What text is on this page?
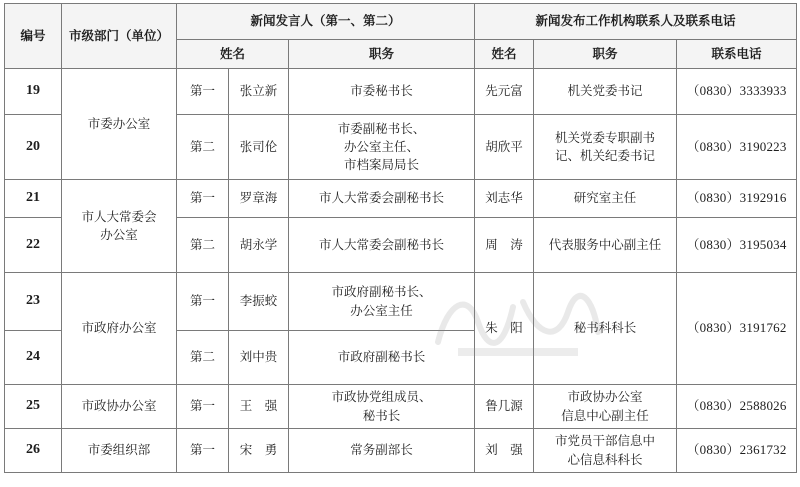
编号	市级部门（单位）	新闻发言人（第一、第二）			新闻发布工作机构联系人及联系电话		
		姓名		职务	姓名	职务	联系电话
19	市委办公室	第一	张立新	市委秘书长	先元富	机关党委书记	（0830）3333933
20		第二	张司伦	市委副秘书长、
办公室主任、
市档案局局长	胡欣平	机关党委专职副书
记、机关纪委书记	（0830）3190223
21	市人大常委会
办公室	第一	罗章海	市人大常委会副秘书长	刘志华	研究室主任	（0830）3192916
22		第二	胡永学	市人大常委会副秘书长	周　涛	代表服务中心副主任	（0830）3195034
23	市政府办公室	第一	李振蛟	市政府副秘书长、
办公室主任	朱　阳	秘书科科长	（0830）3191762
24		第二	刘中贵	市政府副秘书长			
25	市政协办公室	第一	王　强	市政协党组成员、
秘书长	鲁几源	市政协办公室
信息中心副主任	（0830）2588026
26	市委组织部	第一	宋　勇	常务副部长	刘　强	市党员干部信息中
心信息科科长	（0830）2361732
